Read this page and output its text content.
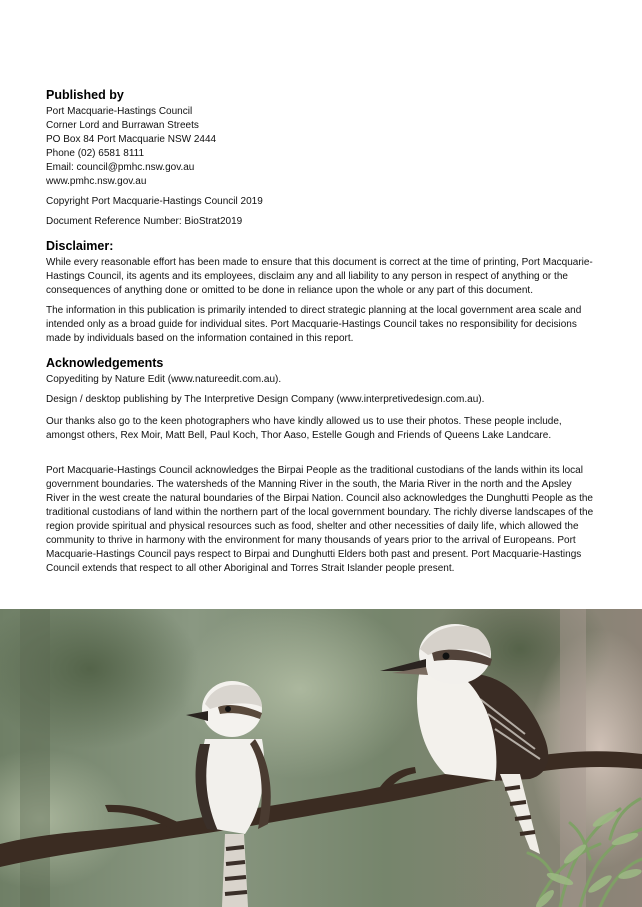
Published by

Port Macquarie-Hastings Council

Corner Lord and Burrawan Streets

PO Box 84 Port Macquarie NSW 2444

Phone (02) 6581 8111

Email: council@pmhc.nsw.gov.au

www.pmhc.nsw.gov.au

Copyright Port Macquarie-Hastings Council 2019

Document Reference Number: BioStrat2019

Disclaimer:

While every reasonable effort has been made to ensure that this document is correct at the time of printing, Port Macquarie-Hastings Council, its agents and its employees, disclaim any and all liability to any person in respect of anything or the consequences of anything done or omitted to be done in reliance upon the whole or any part of this document.

The information in this publication is primarily intended to direct strategic planning at the local government area scale and intended only as a broad guide for individual sites. Port Macquarie-Hastings Council takes no responsibility for decisions made by individuals based on the information contained in this report.

Acknowledgements

Copyediting by Nature Edit (www.natureedit.com.au).

Design / desktop publishing by The Interpretive Design Company (www.interpretivedesign.com.au).

Our thanks also go to the keen photographers who have kindly allowed us to use their photos. These people include, amongst others, Rex Moir, Matt Bell, Paul Koch, Thor Aaso, Estelle Gough and Friends of Queens Lake Landcare.

Port Macquarie-Hastings Council acknowledges the Birpai People as the traditional custodians of the lands within its local government boundaries. The watersheds of the Manning River in the south, the Maria River in the north and the Apsley River in the west create the natural boundaries of the Birpai Nation. Council also acknowledges the Dunghutti People as the traditional custodians of land within the northern part of the local government boundary. The richly diverse landscapes of the region provide spiritual and physical resources such as food, shelter and other necessities of daily life, which allowed the community to thrive in harmony with the environment for many thousands of years prior to the arrival of Europeans. Port Macquarie-Hastings Council pays respect to Birpai and Dunghutti Elders both past and present. Port Macquarie-Hastings Council extends that respect to all other Aboriginal and Torres Strait Islander people present.
